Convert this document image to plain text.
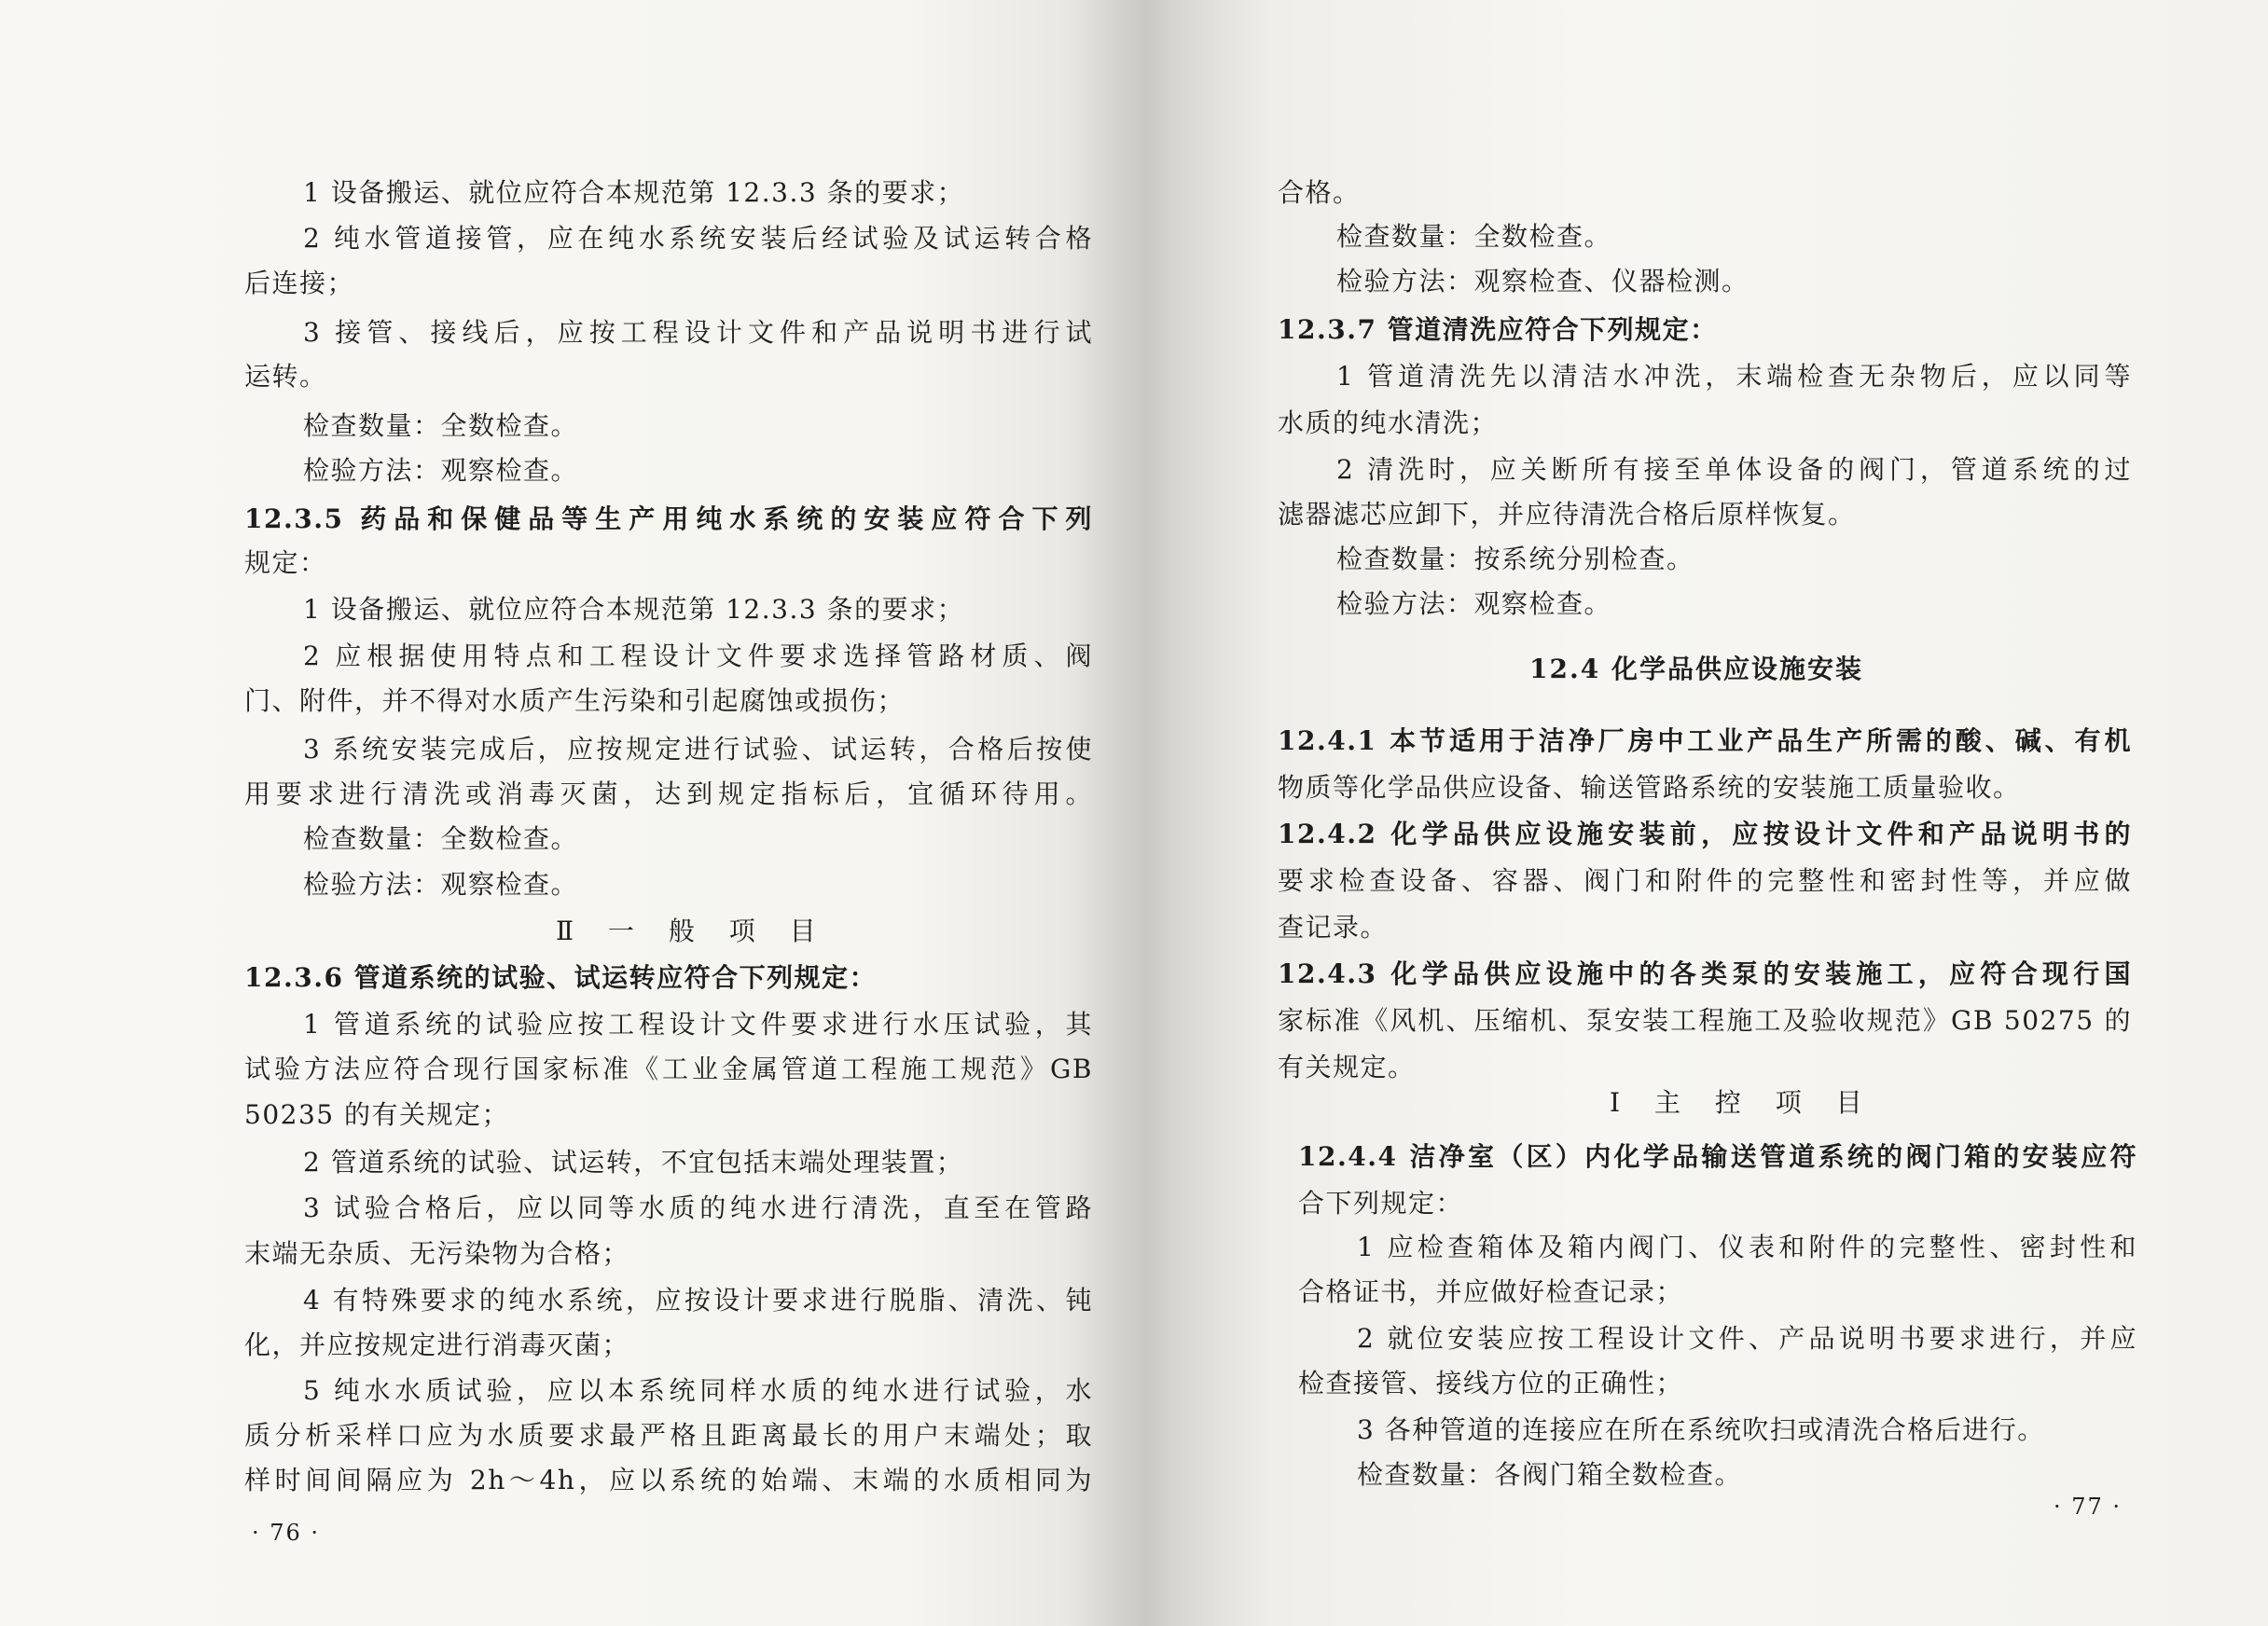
1 设备搬运、就位应符合本规范第 12.3.3 条的要求；

2 纯水管道接管，应在纯水系统安装后经试验及试运转合格

后连接；

3 接管、接线后，应按工程设计文件和产品说明书进行试

运转。

检查数量：全数检查。

检验方法：观察检查。

12.3.5 药品和保健品等生产用纯水系统的安装应符合下列

规定：

1 设备搬运、就位应符合本规范第 12.3.3 条的要求；

2 应根据使用特点和工程设计文件要求选择管路材质、阀

门、附件，并不得对水质产生污染和引起腐蚀或损伤；

3 系统安装完成后，应按规定进行试验、试运转，合格后按使

用要求进行清洗或消毒灭菌，达到规定指标后，宜循环待用。

检查数量：全数检查。

检验方法：观察检查。

Ⅱ 一 般 项 目

12.3.6 管道系统的试验、试运转应符合下列规定：

1 管道系统的试验应按工程设计文件要求进行水压试验，其

试验方法应符合现行国家标准《工业金属管道工程施工规范》GB

50235 的有关规定；

2 管道系统的试验、试运转，不宜包括末端处理装置；

3 试验合格后，应以同等水质的纯水进行清洗，直至在管路

末端无杂质、无污染物为合格；

4 有特殊要求的纯水系统，应按设计要求进行脱脂、清洗、钝

化，并应按规定进行消毒灭菌；

5 纯水水质试验，应以本系统同样水质的纯水进行试验，水

质分析采样口应为水质要求最严格且距离最长的用户末端处；取

样时间间隔应为 2h～4h，应以系统的始端、末端的水质相同为

· 76 ·

合格。

检查数量：全数检查。

检验方法：观察检查、仪器检测。

12.3.7 管道清洗应符合下列规定：

1 管道清洗先以清洁水冲洗，末端检查无杂物后，应以同等

水质的纯水清洗；

2 清洗时，应关断所有接至单体设备的阀门，管道系统的过

滤器滤芯应卸下，并应待清洗合格后原样恢复。

检查数量：按系统分别检查。

检验方法：观察检查。

12.4 化学品供应设施安装

12.4.1 本节适用于洁净厂房中工业产品生产所需的酸、碱、有机

物质等化学品供应设备、输送管路系统的安装施工质量验收。

12.4.2 化学品供应设施安装前，应按设计文件和产品说明书的

要求检查设备、容器、阀门和附件的完整性和密封性等，并应做

查记录。

12.4.3 化学品供应设施中的各类泵的安装施工，应符合现行国

家标准《风机、压缩机、泵安装工程施工及验收规范》GB 50275 的

有关规定。

Ⅰ 主 控 项 目

12.4.4 洁净室（区）内化学品输送管道系统的阀门箱的安装应符

合下列规定：

1 应检查箱体及箱内阀门、仪表和附件的完整性、密封性和

合格证书，并应做好检查记录；

2 就位安装应按工程设计文件、产品说明书要求进行，并应

检查接管、接线方位的正确性；

3 各种管道的连接应在所在系统吹扫或清洗合格后进行。

检查数量：各阀门箱全数检查。

· 77 ·
